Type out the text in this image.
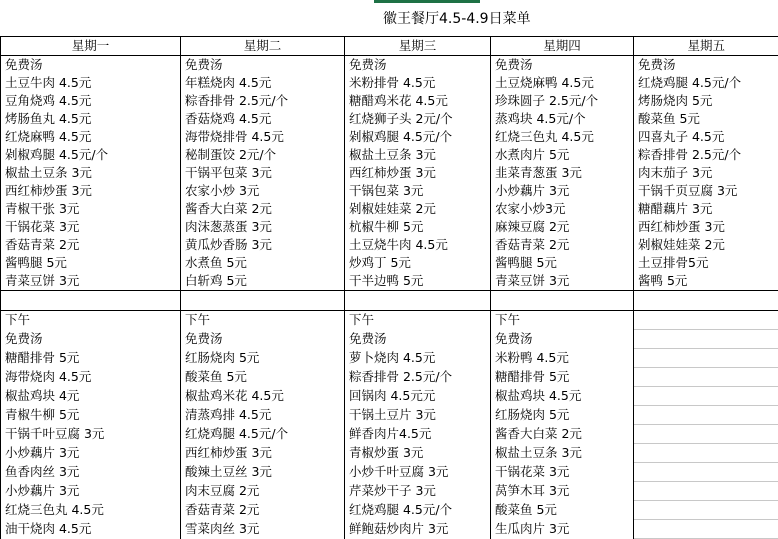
徽王餐厅4.5-4.9日菜单
星期一	星期二	星期三	星期四	星期五
免费汤	免费汤	免费汤	免费汤	免费汤
土豆牛肉 4.5元	年糕烧肉 4.5元	米粉排骨 4.5元	土豆烧麻鸭 4.5元	红烧鸡腿 4.5元/个
豆角烧鸡 4.5元	粽香排骨 2.5元/个	糖醋鸡米花 4.5元	珍珠圆子 2.5元/个	烤肠烧肉 5元
烤肠鱼丸 4.5元	香菇烧鸡 4.5元	红烧狮子头 2元/个	蒸鸡块 4.5元/个	酸菜鱼 5元
红烧麻鸭 4.5元	海带烧排骨 4.5元	剁椒鸡腿 4.5元/个	红烧三色丸 4.5元	四喜丸子 4.5元
剁椒鸡腿 4.5元/个	秘制蛋饺 2元/个	椒盐土豆条 3元	水煮肉片 5元	粽香排骨 2.5元/个
椒盐土豆条 3元	干锅平包菜 3元	西红柿炒蛋 3元	韭菜青葱蛋 3元	肉末茄子 3元
西红柿炒蛋 3元	农家小炒 3元	干锅包菜 3元	小炒藕片 3元	干锅千页豆腐 3元
青椒干张 3元	酱香大白菜 2元	剁椒娃娃菜 2元	农家小炒3元	糖醋藕片 3元
干锅花菜 3元	肉沫葱蒸蛋 3元	杭椒牛柳 5元	麻辣豆腐 2元	西红柿炒蛋 3元
香菇青菜 2元	黄瓜炒香肠 3元	土豆烧牛肉 4.5元	香菇青菜 2元	剁椒娃娃菜 2元
酱鸭腿 5元	水煮鱼 5元	炒鸡丁 5元	酱鸭腿 5元	土豆排骨5元
青菜豆饼 3元	白斩鸡 5元	干半边鸭 5元	青菜豆饼 3元	酱鸭 5元

下午	下午	下午	下午	
免费汤	免费汤	免费汤	免费汤	
糖醋排骨 5元	红肠烧肉 5元	萝卜烧肉 4.5元	米粉鸭 4.5元	
海带烧肉 4.5元	酸菜鱼 5元	粽香排骨 2.5元/个	糖醋排骨 5元	
椒盐鸡块 4元	椒盐鸡米花 4.5元	回锅肉 4.5元元	椒盐鸡块 4.5元	
青椒牛柳 5元	清蒸鸡排 4.5元	干锅土豆片 3元	红肠烧肉 5元	
干锅千叶豆腐 3元	红烧鸡腿 4.5元/个	鲜香肉片4.5元	酱香大白菜 2元	
小炒藕片 3元	西红柿炒蛋 3元	青椒炒蛋 3元	椒盐土豆条 3元	
鱼香肉丝 3元	酸辣土豆丝 3元	小炒千叶豆腐 3元	干锅花菜 3元	
小炒藕片 3元	肉末豆腐 2元	芹菜炒干子 3元	莴笋木耳 3元	
红烧三色丸 4.5元	香菇青菜 2元	红烧鸡腿 4.5元/个	酸菜鱼 5元	
油干烧肉 4.5元	雪菜肉丝 3元	鲜鲍菇炒肉片 3元	生瓜肉片 3元	
